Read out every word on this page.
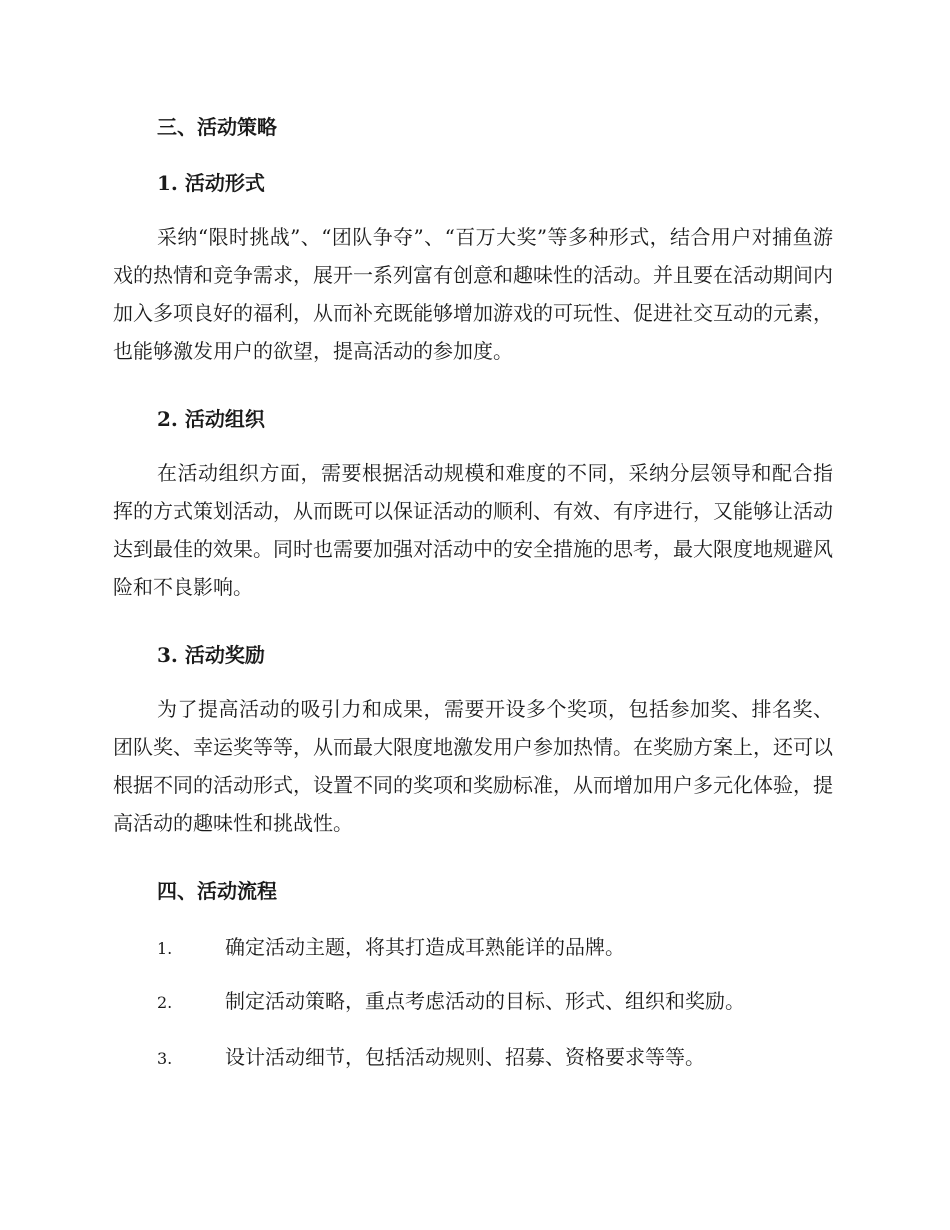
三、活动策略
1. 活动形式

采纳“限时挑战”、“团队争夺”、“百万大奖”等多种形式，结合用户对捕鱼游戏的热情和竞争需求，展开一系列富有创意和趣味性的活动。并且要在活动期间内加入多项良好的福利，从而补充既能够增加游戏的可玩性、促进社交互动的元素，也能够激发用户的欲望，提高活动的参加度。

2. 活动组织

在活动组织方面，需要根据活动规模和难度的不同，采纳分层领导和配合指挥的方式策划活动，从而既可以保证活动的顺利、有效、有序进行，又能够让活动达到最佳的效果。同时也需要加强对活动中的安全措施的思考，最大限度地规避风险和不良影响。

3. 活动奖励

为了提高活动的吸引力和成果，需要开设多个奖项，包括参加奖、排名奖、团队奖、幸运奖等等，从而最大限度地激发用户参加热情。在奖励方案上，还可以根据不同的活动形式，设置不同的奖项和奖励标准，从而增加用户多元化体验，提高活动的趣味性和挑战性。

四、活动流程
1.	确定活动主题，将其打造成耳熟能详的品牌。
2.	制定活动策略，重点考虑活动的目标、形式、组织和奖励。
3.	设计活动细节，包括活动规则、招募、资格要求等等。
